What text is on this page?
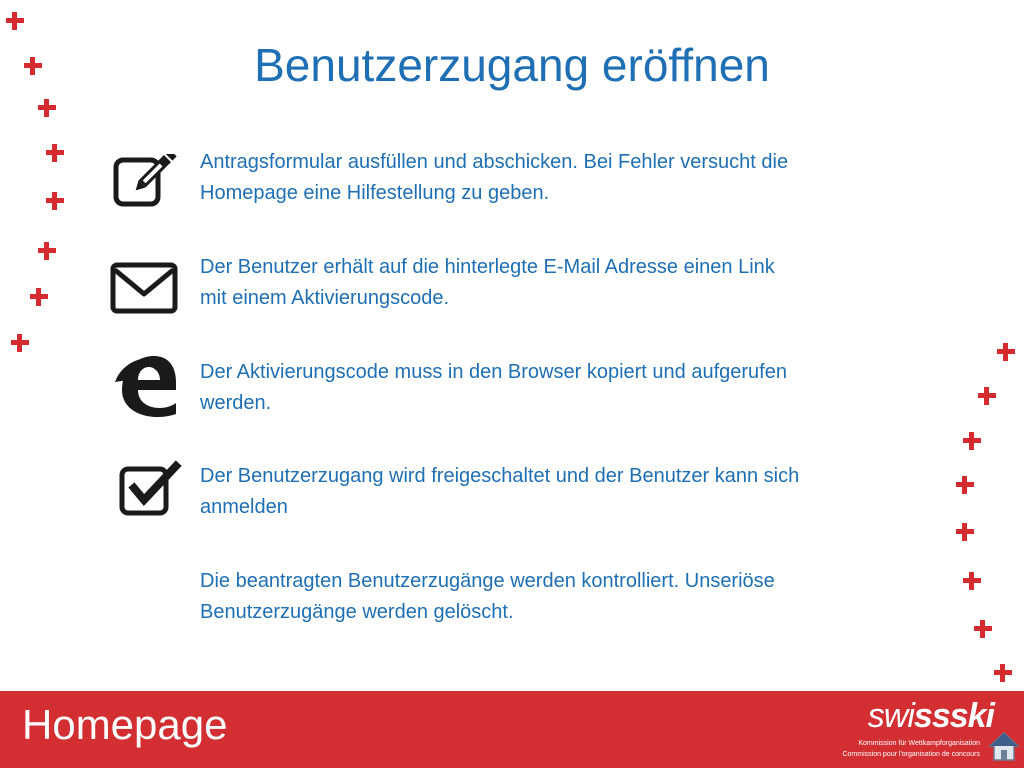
Benutzerzugang eröffnen
Antragsformular ausfüllen und abschicken. Bei Fehler versucht die
Homepage eine Hilfestellung zu geben.
Der Benutzer erhält auf die hinterlegte E-Mail Adresse einen Link
mit einem Aktivierungscode.
Der Aktivierungscode muss in den Browser kopiert und aufgerufen
werden.
Der Benutzerzugang wird freigeschaltet und der Benutzer kann sich
anmelden
Die beantragten Benutzerzugänge werden kontrolliert. Unseriöse
Benutzerzugänge werden gelöscht.
Homepage	swissski
Kommission für Wettkampforganisation
Commission pour l'organisation de concours
